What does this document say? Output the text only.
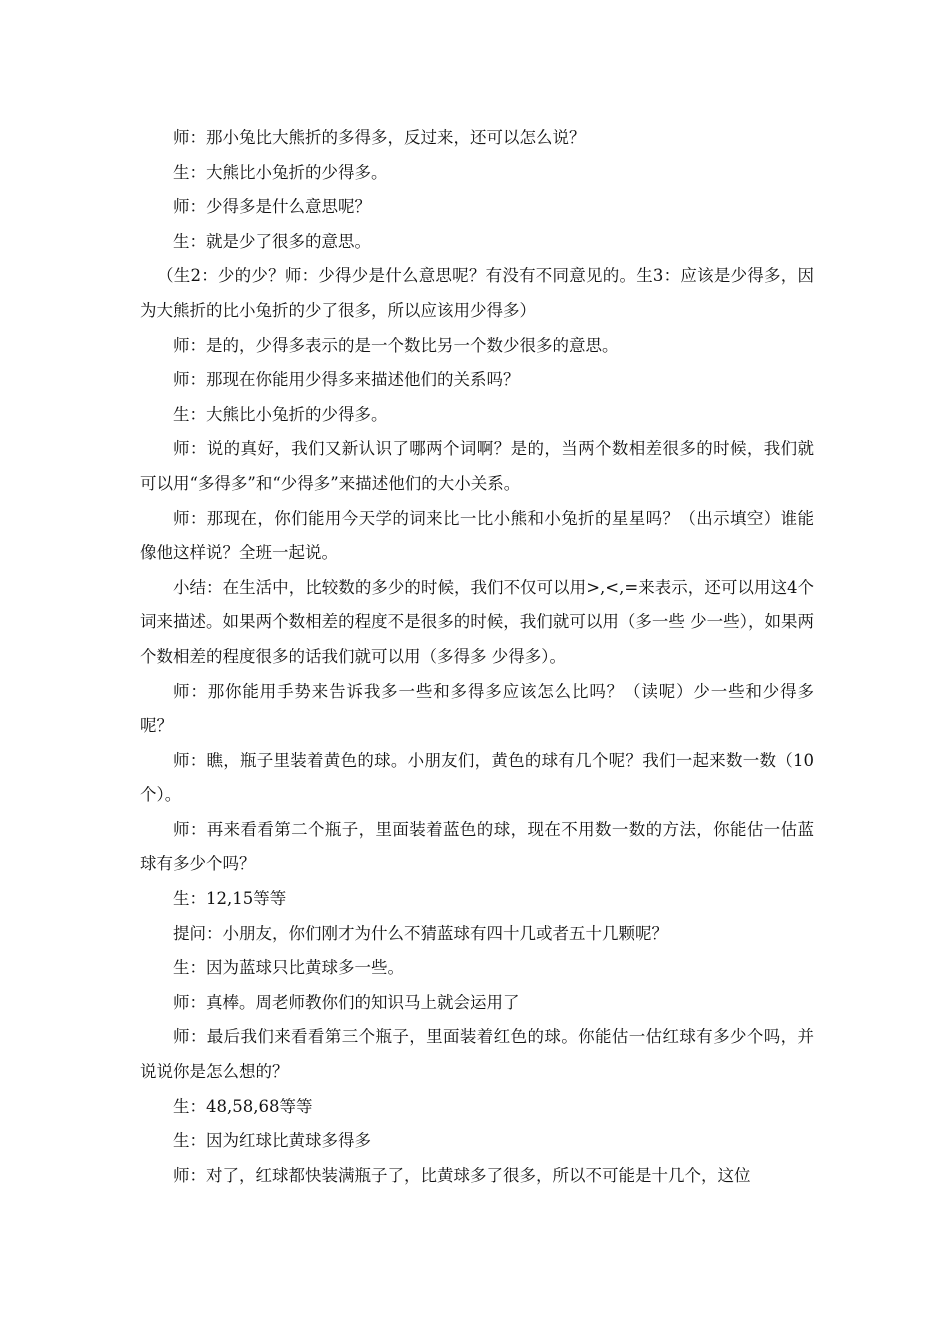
师：那小兔比大熊折的多得多，反过来，还可以怎么说？

生：大熊比小兔折的少得多。

师：少得多是什么意思呢？

生：就是少了很多的意思。

（生2：少的少？师：少得少是什么意思呢？有没有不同意见的。生3：应该是少得多，因为大熊折的比小兔折的少了很多，所以应该用少得多）

师：是的，少得多表示的是一个数比另一个数少很多的意思。

师：那现在你能用少得多来描述他们的关系吗？

生：大熊比小兔折的少得多。

师：说的真好，我们又新认识了哪两个词啊？是的，当两个数相差很多的时候，我们就可以用“多得多”和“少得多”来描述他们的大小关系。

师：那现在，你们能用今天学的词来比一比小熊和小兔折的星星吗？（出示填空）谁能像他这样说？全班一起说。

小结：在生活中，比较数的多少的时候，我们不仅可以用>,<,=来表示，还可以用这4个词来描述。如果两个数相差的程度不是很多的时候，我们就可以用（多一些 少一些），如果两个数相差的程度很多的话我们就可以用（多得多 少得多）。

师：那你能用手势来告诉我多一些和多得多应该怎么比吗？（读呢）少一些和少得多呢？

师：瞧，瓶子里装着黄色的球。小朋友们，黄色的球有几个呢？我们一起来数一数（10个）。

师：再来看看第二个瓶子，里面装着蓝色的球，现在不用数一数的方法，你能估一估蓝球有多少个吗？

生：12,15等等

提问：小朋友，你们刚才为什么不猜蓝球有四十几或者五十几颗呢？

生：因为蓝球只比黄球多一些。

师：真棒。周老师教你们的知识马上就会运用了

师：最后我们来看看第三个瓶子，里面装着红色的球。你能估一估红球有多少个吗，并说说你是怎么想的？

生：48,58,68等等

生：因为红球比黄球多得多

师：对了，红球都快装满瓶子了，比黄球多了很多，所以不可能是十几个，这位
